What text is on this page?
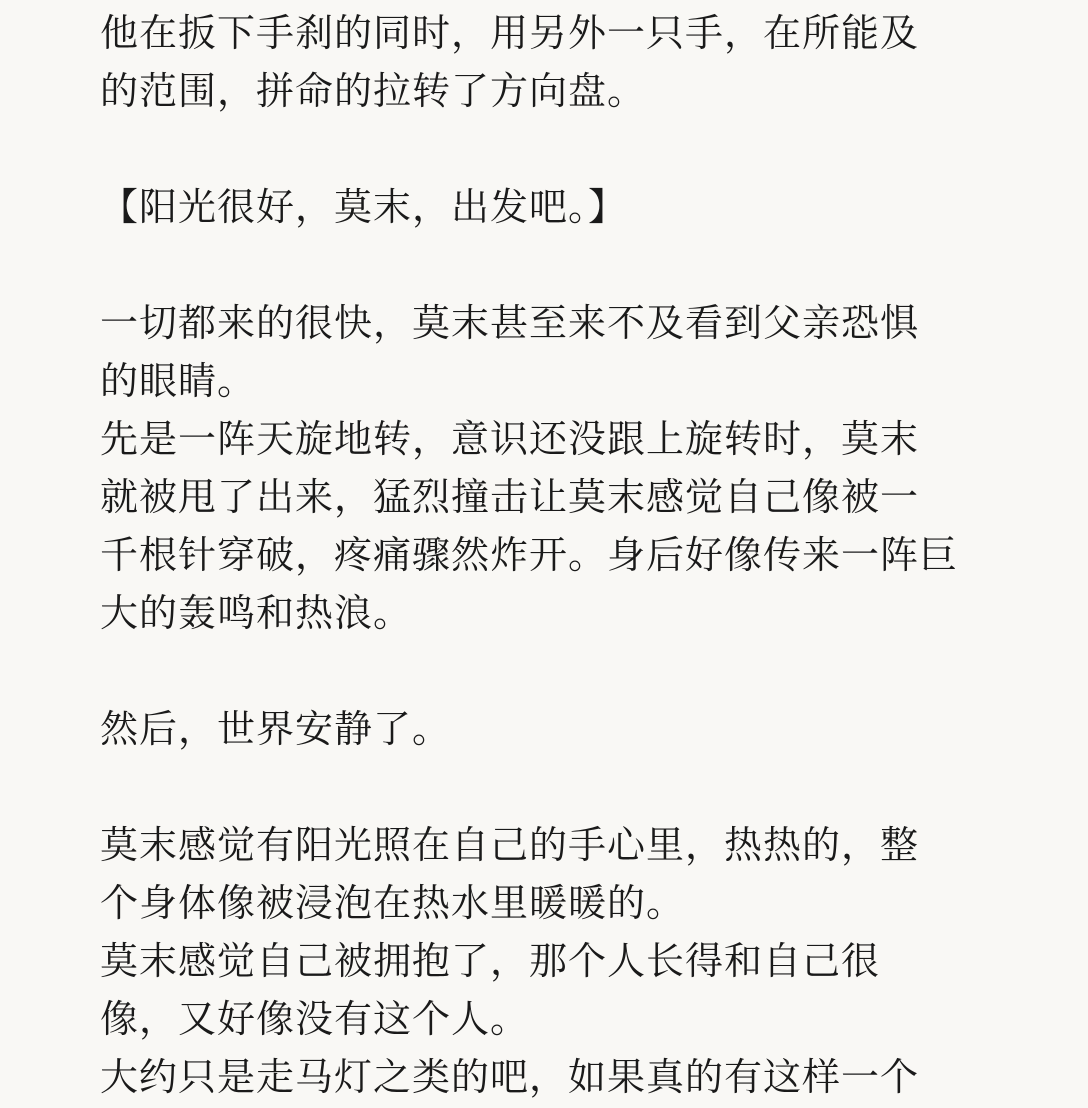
他在扳下手刹的同时，用另外一只手，在所能及
的范围，拼命的拉转了方向盘。
【阳光很好，莫末，出发吧。】
一切都来的很快，莫末甚至来不及看到父亲恐惧
的眼睛。
先是一阵天旋地转，意识还没跟上旋转时，莫末
就被甩了出来，猛烈撞击让莫末感觉自己像被一
千根针穿破，疼痛骤然炸开。身后好像传来一阵巨
大的轰鸣和热浪。
然后，世界安静了。
莫末感觉有阳光照在自己的手心里，热热的，整
个身体像被浸泡在热水里暖暖的。
莫末感觉自己被拥抱了，那个人长得和自己很
像，又好像没有这个人。
大约只是走马灯之类的吧，如果真的有这样一个
